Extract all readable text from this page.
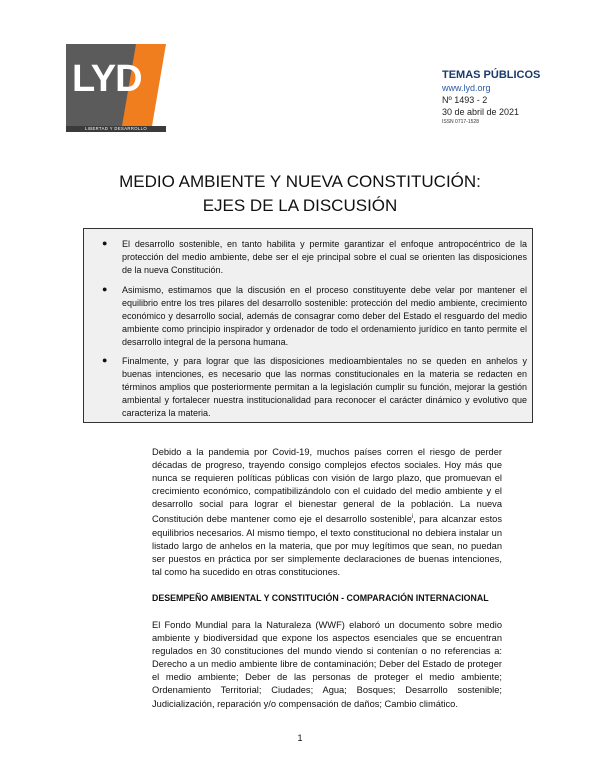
LYD
LIBERTAD Y DESARROLLO
TEMAS PÚBLICOS
www.lyd.org
Nº 1493 - 2
30 de abril de 2021
ISSN 0717-1528
MEDIO AMBIENTE Y NUEVA CONSTITUCIÓN:
EJES DE LA DISCUSIÓN
● El desarrollo sostenible, en tanto habilita y permite garantizar el enfoque antropocéntrico de la protección del medio ambiente, debe ser el eje principal sobre el cual se orienten las disposiciones de la nueva Constitución.
● Asimismo, estimamos que la discusión en el proceso constituyente debe velar por mantener el equilibrio entre los tres pilares del desarrollo sostenible: protección del medio ambiente, crecimiento económico y desarrollo social, además de consagrar como deber del Estado el resguardo del medio ambiente como principio inspirador y ordenador de todo el ordenamiento jurídico en tanto permite el desarrollo integral de la persona humana.
● Finalmente, y para lograr que las disposiciones medioambientales no se queden en anhelos y buenas intenciones, es necesario que las normas constitucionales en la materia se redacten en términos amplios que posteriormente permitan a la legislación cumplir su función, mejorar la gestión ambiental y fortalecer nuestra institucionalidad para reconocer el carácter dinámico y evolutivo que caracteriza la materia.
Debido a la pandemia por Covid-19, muchos países corren el riesgo de perder décadas de progreso, trayendo consigo complejos efectos sociales. Hoy más que nunca se requieren políticas públicas con visión de largo plazo, que promuevan el crecimiento económico, compatibilizándolo con el cuidado del medio ambiente y el desarrollo social para lograr el bienestar general de la población. La nueva Constitución debe mantener como eje el desarrollo sostenible$^i$, para alcanzar estos equilibrios necesarios. Al mismo tiempo, el texto constitucional no debiera instalar un listado largo de anhelos en la materia, que por muy legítimos que sean, no puedan ser puestos en práctica por ser simplemente declaraciones de buenas intenciones, tal como ha sucedido en otras constituciones.
DESEMPEÑO AMBIENTAL Y CONSTITUCIÓN - COMPARACIÓN INTERNACIONAL
El Fondo Mundial para la Naturaleza (WWF) elaboró un documento sobre medio ambiente y biodiversidad que expone los aspectos esenciales que se encuentran regulados en 30 constituciones del mundo viendo si contenían o no referencias a: Derecho a un medio ambiente libre de contaminación; Deber del Estado de proteger el medio ambiente; Deber de las personas de proteger el medio ambiente; Ordenamiento Territorial; Ciudades; Agua; Bosques; Desarrollo sostenible; Judicialización, reparación y/o compensación de daños; Cambio climático.
1
